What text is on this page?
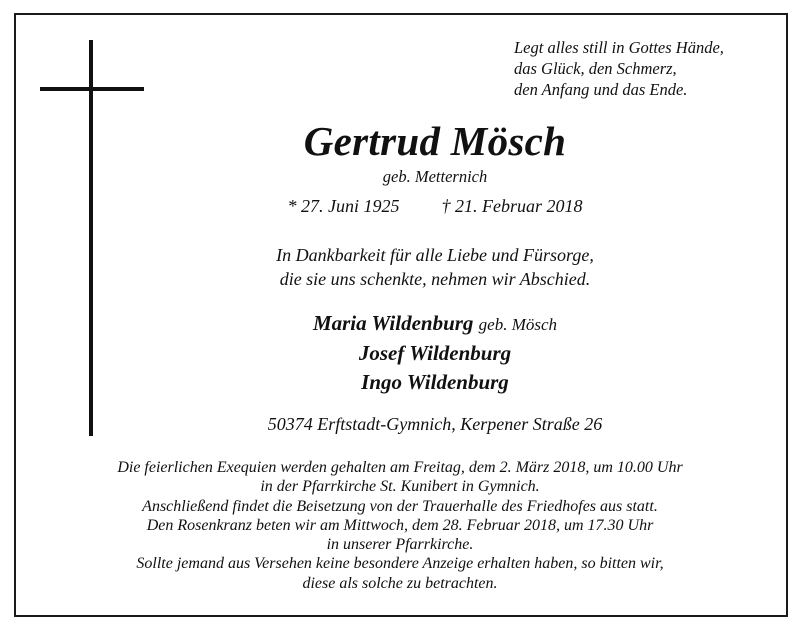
Legt alles still in Gottes Hände,
das Glück, den Schmerz,
den Anfang und das Ende.
Gertrud Mösch
geb. Metternich
* 27. Juni 1925 † 21. Februar 2018
In Dankbarkeit für alle Liebe und Fürsorge,
die sie uns schenkte, nehmen wir Abschied.
Maria Wildenburg geb. Mösch
Josef Wildenburg
Ingo Wildenburg
50374 Erftstadt-Gymnich, Kerpener Straße 26
Die feierlichen Exequien werden gehalten am Freitag, dem 2. März 2018, um 10.00 Uhr
in der Pfarrkirche St. Kunibert in Gymnich.
Anschließend findet die Beisetzung von der Trauerhalle des Friedhofes aus statt.
Den Rosenkranz beten wir am Mittwoch, dem 28. Februar 2018, um 17.30 Uhr
in unserer Pfarrkirche.
Sollte jemand aus Versehen keine besondere Anzeige erhalten haben, so bitten wir,
diese als solche zu betrachten.
